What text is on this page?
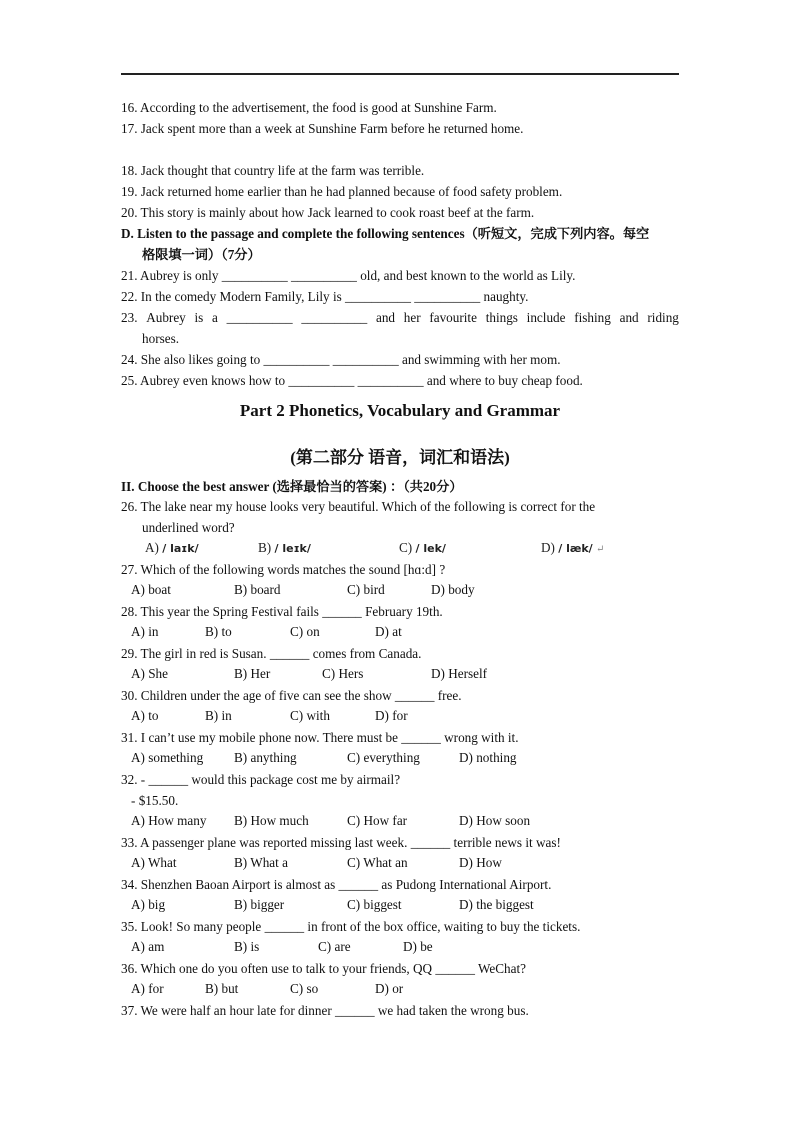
16. According to the advertisement, the food is good at Sunshine Farm.
17. Jack spent more than a week at Sunshine Farm before he returned home.
18. Jack thought that country life at the farm was terrible.
19. Jack returned home earlier than he had planned because of food safety problem.
20. This story is mainly about how Jack learned to cook roast beef at the farm.
D. Listen to the passage and complete the following sentences（听短文，完成下列内容。每空
格限填一词）（7分）
21. Aubrey is only __________ __________ old, and best known to the world as Lily.
22. In the comedy Modern Family, Lily is __________ __________ naughty.
23. Aubrey is a __________ __________ and her favourite things include fishing and riding
horses.
24. She also likes going to __________ __________ and swimming with her mom.
25. Aubrey even knows how to __________ __________ and where to buy cheap food.
Part 2 Phonetics, Vocabulary and Grammar
(第二部分 语音，词汇和语法)
II. Choose the best answer (选择最恰当的答案) ：（共20分）
26. The lake near my house looks very beautiful. Which of the following is correct for the
underlined word?
A) / laɪk/	B) / leɪk/	C) / lek/	D) / læk/ ↵
27. Which of the following words matches the sound [hɑ:d] ?
A) boat	B) board	C) bird	D) body
28. This year the Spring Festival fails ______ February 19th.
A) in	B) to	C) on	D) at
29. The girl in red is Susan. ______ comes from Canada.
A) She	B) Her	C) Hers	D) Herself
30. Children under the age of five can see the show ______ free.
A) to	B) in	C) with	D) for
31. I can’t use my mobile phone now. There must be ______ wrong with it.
A) something B) anything	C) everything	D) nothing
32. - ______ would this package cost me by airmail?
- $15.50.
A) How many B) How much	C) How far	D) How soon
33. A passenger plane was reported missing last week. ______ terrible news it was!
A) What	B) What a	C) What an	D) How
34. Shenzhen Baoan Airport is almost as ______ as Pudong International Airport.
A) big	B) bigger	C) biggest	D) the biggest
35. Look! So many people ______ in front of the box office, waiting to buy the tickets.
A) am	B) is	C) are	D) be
36. Which one do you often use to talk to your friends, QQ ______ WeChat?
A) for	B) but	C) so	D) or
37. We were half an hour late for dinner ______ we had taken the wrong bus.
